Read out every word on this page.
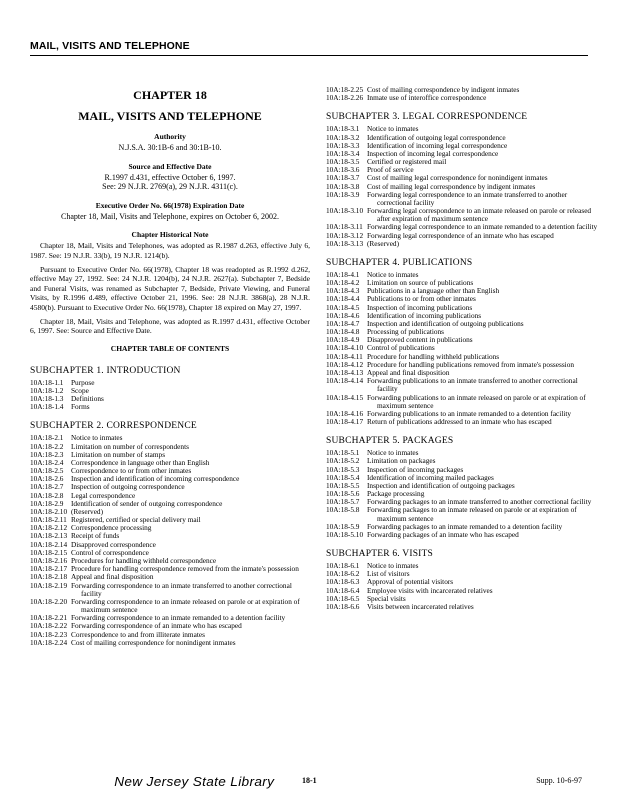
MAIL, VISITS AND TELEPHONE

CHAPTER 18

MAIL, VISITS AND TELEPHONE

Authority

N.J.S.A. 30:1B-6 and 30:1B-10.

Source and Effective Date

R.1997 d.431, effective October 6, 1997.
See: 29 N.J.R. 2769(a), 29 N.J.R. 4311(c).

Executive Order No. 66(1978) Expiration Date

Chapter 18, Mail, Visits and Telephone, expires on October 6, 2002.

Chapter Historical Note

Chapter 18, Mail, Visits and Telephones, was adopted as R.1987 d.263, effective July 6, 1987. See: 19 N.J.R. 33(b), 19 N.J.R. 1214(b).

Pursuant to Executive Order No. 66(1978), Chapter 18 was readopted as R.1992 d.262, effective May 27, 1992. See: 24 N.J.R. 1204(b), 24 N.J.R. 2627(a). Subchapter 7, Bedside and Funeral Visits, was renamed as Subchapter 7, Bedside, Private Viewing, and Funeral Visits, by R.1996 d.489, effective October 21, 1996. See: 28 N.J.R. 3868(a), 28 N.J.R. 4580(b). Pursuant to Executive Order No. 66(1978), Chapter 18 expired on May 27, 1997.

Chapter 18, Mail, Visits and Telephone, was adopted as R.1997 d.431, effective October 6, 1997. See: Source and Effective Date.

CHAPTER TABLE OF CONTENTS

SUBCHAPTER 1. INTRODUCTION
10A:18-1.1	Purpose
10A:18-1.2	Scope
10A:18-1.3	Definitions
10A:18-1.4	Forms
SUBCHAPTER 2. CORRESPONDENCE
10A:18-2.1	Notice to inmates
10A:18-2.2	Limitation on number of correspondents
10A:18-2.3	Limitation on number of stamps
10A:18-2.4	Correspondence in language other than English
10A:18-2.5	Correspondence to or from other inmates
10A:18-2.6	Inspection and identification of incoming correspondence
10A:18-2.7	Inspection of outgoing correspondence
10A:18-2.8	Legal correspondence
10A:18-2.9	Identification of sender of outgoing correspondence
10A:18-2.10 (Reserved)
10A:18-2.11 Registered, certified or special delivery mail
10A:18-2.12 Correspondence processing
10A:18-2.13 Receipt of funds
10A:18-2.14 Disapproved correspondence
10A:18-2.15 Control of correspondence
10A:18-2.16 Procedures for handling withheld correspondence
10A:18-2.17 Procedure for handling correspondence removed from the inmate's possession
10A:18-2.18 Appeal and final disposition
10A:18-2.19 Forwarding correspondence to an inmate transferred to another correctional facility
10A:18-2.20 Forwarding correspondence to an inmate released on parole or at expiration of maximum sentence
10A:18-2.21 Forwarding correspondence to an inmate remanded to a detention facility
10A:18-2.22 Forwarding correspondence of an inmate who has escaped
10A:18-2.23 Correspondence to and from illiterate inmates
10A:18-2.24 Cost of mailing correspondence for nonindigent inmates
10A:18-2.25 Cost of mailing correspondence by indigent inmates
10A:18-2.26 Inmate use of interoffice correspondence
SUBCHAPTER 3. LEGAL CORRESPONDENCE
10A:18-3.1	Notice to inmates
10A:18-3.2	Identification of outgoing legal correspondence
10A:18-3.3	Identification of incoming legal correspondence
10A:18-3.4	Inspection of incoming legal correspondence
10A:18-3.5	Certified or registered mail
10A:18-3.6	Proof of service
10A:18-3.7	Cost of mailing legal correspondence for nonindigent inmates
10A:18-3.8	Cost of mailing legal correspondence by indigent inmates
10A:18-3.9	Forwarding legal correspondence to an inmate transferred to another correctional facility
10A:18-3.10 Forwarding legal correspondence to an inmate released on parole or released after expiration of maximum sentence
10A:18-3.11 Forwarding legal correspondence to an inmate remanded to a detention facility
10A:18-3.12 Forwarding legal correspondence of an inmate who has escaped
10A:18-3.13 (Reserved)
SUBCHAPTER 4. PUBLICATIONS
10A:18-4.1	Notice to inmates
10A:18-4.2	Limitation on source of publications
10A:18-4.3	Publications in a language other than English
10A:18-4.4	Publications to or from other inmates
10A:18-4.5	Inspection of incoming publications
10A:18-4.6	Identification of incoming publications
10A:18-4.7	Inspection and identification of outgoing publications
10A:18-4.8	Processing of publications
10A:18-4.9	Disapproved content in publications
10A:18-4.10 Control of publications
10A:18-4.11 Procedure for handling withheld publications
10A:18-4.12 Procedure for handling publications removed from inmate's possession
10A:18-4.13 Appeal and final disposition
10A:18-4.14 Forwarding publications to an inmate transferred to another correctional facility
10A:18-4.15 Forwarding publications to an inmate released on parole or at expiration of maximum sentence
10A:18-4.16 Forwarding publications to an inmate remanded to a detention facility
10A:18-4.17 Return of publications addressed to an inmate who has escaped
SUBCHAPTER 5. PACKAGES
10A:18-5.1	Notice to inmates
10A:18-5.2	Limitation on packages
10A:18-5.3	Inspection of incoming packages
10A:18-5.4	Identification of incoming mailed packages
10A:18-5.5	Inspection and identification of outgoing packages
10A:18-5.6	Package processing
10A:18-5.7	Forwarding packages to an inmate transferred to another correctional facility
10A:18-5.8	Forwarding packages to an inmate released on parole or at expiration of maximum sentence
10A:18-5.9	Forwarding packages to an inmate remanded to a detention facility
10A:18-5.10 Forwarding packages of an inmate who has escaped
SUBCHAPTER 6. VISITS
10A:18-6.1	Notice to inmates
10A:18-6.2	List of visitors
10A:18-6.3	Approval of potential visitors
10A:18-6.4	Employee visits with incarcerated relatives
10A:18-6.5	Special visits
10A:18-6.6	Visits between incarcerated relatives
New Jersey State Library	18-1	Supp. 10-6-97
